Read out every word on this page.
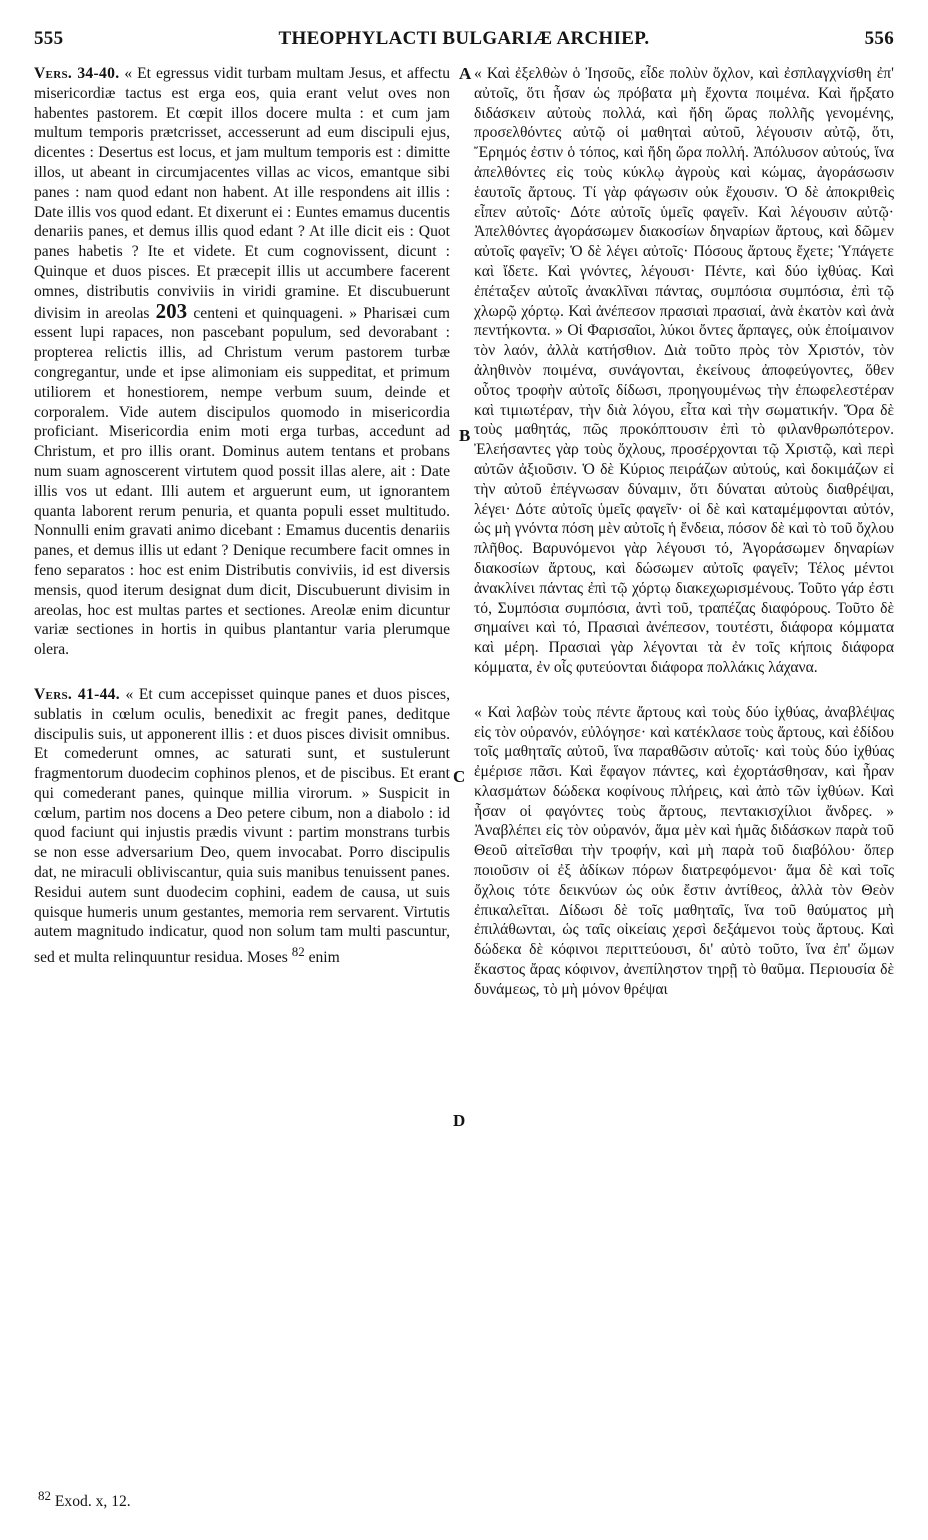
555	THEOPHYLACTI BULGARIÆ ARCHIEP.	556

Vers. 34-40. « Et egressus vidit turbam multam Jesus, et affectu misericordiæ tactus est erga eos, quia erant velut oves non habentes pastorem. Et cœpit illos docere multa : et cum jam multum temporis prætcrisset, accesserunt ad eum discipuli ejus, dicentes : Desertus est locus, et jam multum temporis est : dimitte illos, ut abeant in circumjacentes villas ac vicos, emantque sibi panes : nam quod edant non habent. At ille respondens ait illis : Date illis vos quod edant. Et dixerunt ei : Euntes emamus ducentis denariis panes, et demus illis quod edant ? At ille dicit eis : Quot panes habetis ? Ite et videte. Et cum cognovissent, dicunt : Quinque et duos pisces. Et præcepit illis ut accumbere facerent omnes, distributis conviviis in viridi gramine. Et discubuerunt divisim in areolas 203 centeni et quinquageni. » Pharisæi cum essent lupi rapaces, non pascebant populum, sed devorabant : propterea relictis illis, ad Christum verum pastorem turbæ congregantur, unde et ipse alimoniam eis suppeditat, et primum utiliorem et honestiorem, nempe verbum suum, deinde et corporalem. Vide autem discipulos quomodo in misericordia proficiant. Misericordia enim moti erga turbas, accedunt ad Christum, et pro illis orant. Dominus autem tentans et probans num suam agnoscerent virtutem quod possit illas alere, ait : Date illis vos ut edant. Illi autem et arguerunt eum, ut ignorantem quanta laborent rerum penuria, et quanta populi esset multitudo. Nonnulli enim gravati animo dicebant : Emamus ducentis denariis panes, et demus illis ut edant ? Denique recumbere facit omnes in feno separatos : hoc est enim Distributis conviviis, id est diversis mensis, quod iterum designat dum dicit, Discubuerunt divisim in areolas, hoc est multas partes et sectiones. Areolæ enim dicuntur variæ sectiones in hortis in quibus plantantur varia plerumque olera.

Vers. 41-44. « Et cum accepisset quinque panes et duos pisces, sublatis in cœlum oculis, benedixit ac fregit panes, deditque discipulis suis, ut apponerent illis : et duos pisces divisit omnibus. Et comederunt omnes, ac saturati sunt, et sustulerunt fragmentorum duodecim cophinos plenos, et de piscibus. Et erant qui comederant panes, quinque millia virorum. » Suspicit in cœlum, partim nos docens a Deo petere cibum, non a diabolo : id quod faciunt qui injustis prædis vivunt : partim monstrans turbis se non esse adversarium Deo, quem invocabat. Porro discipulis dat, ne miraculi obliviscantur, quia suis manibus tenuissent panes. Residui autem sunt duodecim cophini, eadem de causa, ut suis quisque humeris unum gestantes, memoria rem servarent. Virtutis autem magnitudo indicatur, quod non solum tam multi pascuntur, sed et multa relinquuntur residua. Moses $^{82}$ enim

« Καὶ ἐξελθὼν ὁ Ἰησοῦς, εἶδε πολὺν ὄχλον, καὶ ἐσπλαγχνίσθη ἐπ' αὐτοῖς, ὅτι ἦσαν ὡς πρόβατα μὴ ἔχοντα ποιμένα. Καὶ ἤρξατο διδάσκειν αὐτοὺς πολλά, καὶ ἤδη ὥρας πολλῆς γενομένης, προσελθόντες αὐτῷ οἱ μαθηταὶ αὐτοῦ, λέγουσιν αὐτῷ, ὅτι, Ἔρημός ἐστιν ὁ τόπος, καὶ ἤδη ὥρα πολλή. Ἀπόλυσον αὐτούς, ἵνα ἀπελθόντες εἰς τοὺς κύκλῳ ἀγροὺς καὶ κώμας, ἀγοράσωσιν ἑαυτοῖς ἄρτους. Τί γὰρ φάγωσιν οὐκ ἔχουσιν. Ὁ δὲ ἀποκριθεὶς εἶπεν αὐτοῖς· Δότε αὐτοῖς ὑμεῖς φαγεῖν. Καὶ λέγουσιν αὐτῷ· Ἀπελθόντες ἀγοράσωμεν διακοσίων δηναρίων ἄρτους, καὶ δῶμεν αὐτοῖς φαγεῖν; Ὁ δὲ λέγει αὐτοῖς· Πόσους ἄρτους ἔχετε; Ὑπάγετε καὶ ἴδετε. Καὶ γνόντες, λέγουσι· Πέντε, καὶ δύο ἰχθύας. Καὶ ἐπέταξεν αὐτοῖς ἀνακλῖναι πάντας, συμπόσια συμπόσια, ἐπὶ τῷ χλωρῷ χόρτῳ. Καὶ ἀνέπεσον πρασιαὶ πρασιαί, ἀνὰ ἑκατὸν καὶ ἀνὰ πεντήκοντα. » Οἱ Φαρισαῖοι, λύκοι ὄντες ἅρπαγες, οὐκ ἐποίμαινον τὸν λαόν, ἀλλὰ κατήσθιον. Διὰ τοῦτο πρὸς τὸν Χριστόν, τὸν ἀληθινὸν ποιμένα, συνάγονται, ἐκείνους ἀποφεύγοντες, ὅθεν οὗτος τροφὴν αὐτοῖς δίδωσι, προηγουμένως τὴν ἐπωφελεστέραν καὶ τιμιωτέραν, τὴν διὰ λόγου, εἶτα καὶ τὴν σωματικήν. Ὅρα δὲ τοὺς μαθητάς, πῶς προκόπτουσιν ἐπὶ τὸ φιλανθρωπότερον. Ἐλεήσαντες γὰρ τοὺς ὄχλους, προσέρχονται τῷ Χριστῷ, καὶ περὶ αὐτῶν ἀξιοῦσιν. Ὁ δὲ Κύριος πειράζων αὐτούς, καὶ δοκιμάζων εἰ τὴν αὐτοῦ ἐπέγνωσαν δύναμιν, ὅτι δύναται αὐτοὺς διαθρέψαι, λέγει· Δότε αὐτοῖς ὑμεῖς φαγεῖν· οἱ δὲ καὶ καταμέμφονται αὐτόν, ὡς μὴ γνόντα πόση μὲν αὐτοῖς ἡ ἔνδεια, πόσον δὲ καὶ τὸ τοῦ ὄχλου πλῆθος. Βαρυνόμενοι γὰρ λέγουσι τό, Ἀγοράσωμεν δηναρίων διακοσίων ἄρτους, καὶ δώσωμεν αὐτοῖς φαγεῖν; Τέλος μέντοι ἀνακλίνει πάντας ἐπὶ τῷ χόρτῳ διακεχωρισμένους. Τοῦτο γάρ ἐστι τό, Συμπόσια συμπόσια, ἀντὶ τοῦ, τραπέζας διαφόρους. Τοῦτο δὲ σημαίνει καὶ τό, Πρασιαὶ ἀνέπεσον, τουτέστι, διάφορα κόμματα καὶ μέρη. Πρασιαὶ γὰρ λέγονται τὰ ἐν τοῖς κήποις διάφορα κόμματα, ἐν οἷς φυτεύονται διάφορα πολλάκις λάχανα.

« Καὶ λαβὼν τοὺς πέντε ἄρτους καὶ τοὺς δύο ἰχθύας, ἀναβλέψας εἰς τὸν οὐρανόν, εὐλόγησε· καὶ κατέκλασε τοὺς ἄρτους, καὶ ἐδίδου τοῖς μαθηταῖς αὐτοῦ, ἵνα παραθῶσιν αὐτοῖς· καὶ τοὺς δύο ἰχθύας ἐμέρισε πᾶσι. Καὶ ἔφαγον πάντες, καὶ ἐχορτάσθησαν, καὶ ἦραν κλασμάτων δώδεκα κοφίνους πλήρεις, καὶ ἀπὸ τῶν ἰχθύων. Καὶ ἦσαν οἱ φαγόντες τοὺς ἄρτους, πεντακισχίλιοι ἄνδρες. » Ἀναβλέπει εἰς τὸν οὐρανόν, ἅμα μὲν καὶ ἡμᾶς διδάσκων παρὰ τοῦ Θεοῦ αἰτεῖσθαι τὴν τροφήν, καὶ μὴ παρὰ τοῦ διαβόλου· ὅπερ ποιοῦσιν οἱ ἐξ ἀδίκων πόρων διατρεφόμενοι· ἅμα δὲ καὶ τοῖς ὄχλοις τότε δεικνύων ὡς οὐκ ἔστιν ἀντίθεος, ἀλλὰ τὸν Θεὸν ἐπικαλεῖται. Δίδωσι δὲ τοῖς μαθηταῖς, ἵνα τοῦ θαύματος μὴ ἐπιλάθωνται, ὡς ταῖς οἰκείαις χερσὶ δεξάμενοι τοὺς ἄρτους. Καὶ δώδεκα δὲ κόφινοι περιττεύουσι, δι' αὐτὸ τοῦτο, ἵνα ἐπ' ὤμων ἕκαστος ἄρας κόφινον, ἀνεπίληστον τηρῇ τὸ θαῦμα. Περιουσία δὲ δυνάμεως, τὸ μὴ μόνον θρέψαι

A
B
C
D
$^{82}$ Exod. x, 12.
